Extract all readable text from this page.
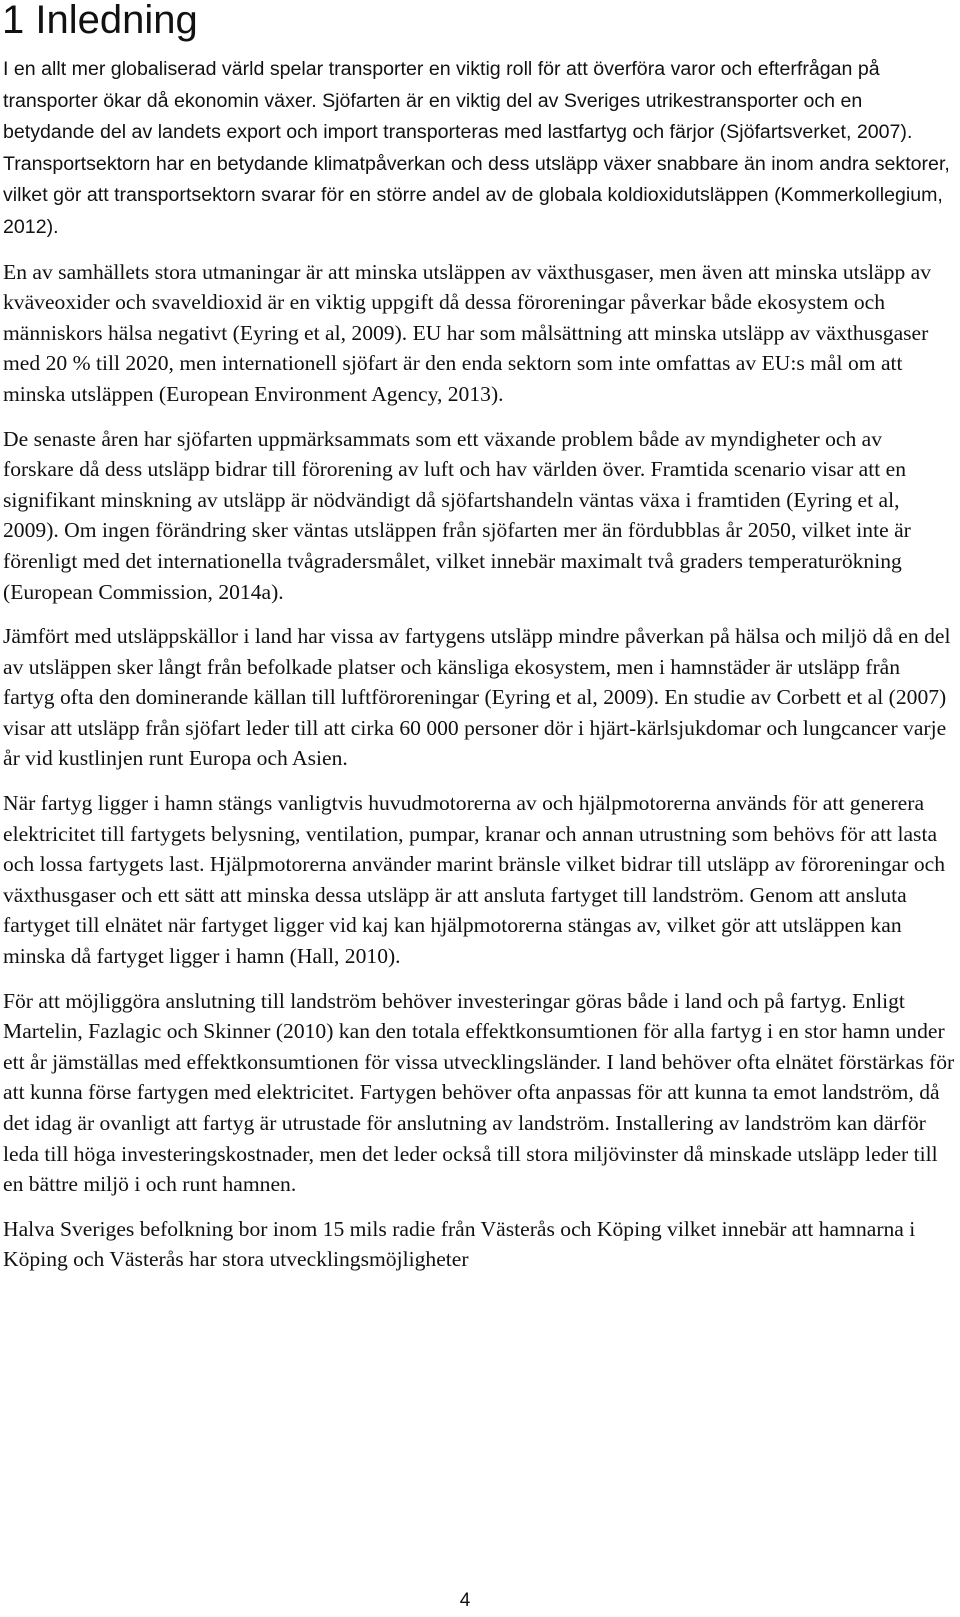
1 Inledning

I en allt mer globaliserad värld spelar transporter en viktig roll för att överföra varor och efterfrågan på transporter ökar då ekonomin växer. Sjöfarten är en viktig del av Sveriges utrikestransporter och en betydande del av landets export och import transporteras med lastfartyg och färjor (Sjöfartsverket, 2007). Transportsektorn har en betydande klimatpåverkan och dess utsläpp växer snabbare än inom andra sektorer, vilket gör att transportsektorn svarar för en större andel av de globala koldioxidutsläppen (Kommerkollegium, 2012).

En av samhällets stora utmaningar är att minska utsläppen av växthusgaser, men även att minska utsläpp av kväveoxider och svaveldioxid är en viktig uppgift då dessa föroreningar påverkar både ekosystem och människors hälsa negativt (Eyring et al, 2009). EU har som målsättning att minska utsläpp av växthusgaser med 20 % till 2020, men internationell sjöfart är den enda sektorn som inte omfattas av EU:s mål om att minska utsläppen (European Environment Agency, 2013).

De senaste åren har sjöfarten uppmärksammats som ett växande problem både av myndigheter och av forskare då dess utsläpp bidrar till förorening av luft och hav världen över. Framtida scenario visar att en signifikant minskning av utsläpp är nödvändigt då sjöfartshandeln väntas växa i framtiden (Eyring et al, 2009). Om ingen förändring sker väntas utsläppen från sjöfarten mer än fördubblas år 2050, vilket inte är förenligt med det internationella tvågradersmålet, vilket innebär maximalt två graders temperaturökning (European Commission, 2014a).

Jämfört med utsläppskällor i land har vissa av fartygens utsläpp mindre påverkan på hälsa och miljö då en del av utsläppen sker långt från befolkade platser och känsliga ekosystem, men i hamnstäder är utsläpp från fartyg ofta den dominerande källan till luftföroreningar (Eyring et al, 2009). En studie av Corbett et al (2007) visar att utsläpp från sjöfart leder till att cirka 60 000 personer dör i hjärt-kärlsjukdomar och lungcancer varje år vid kustlinjen runt Europa och Asien.

När fartyg ligger i hamn stängs vanligtvis huvudmotorerna av och hjälpmotorerna används för att generera elektricitet till fartygets belysning, ventilation, pumpar, kranar och annan utrustning som behövs för att lasta och lossa fartygets last. Hjälpmotorerna använder marint bränsle vilket bidrar till utsläpp av föroreningar och växthusgaser och ett sätt att minska dessa utsläpp är att ansluta fartyget till landström. Genom att ansluta fartyget till elnätet när fartyget ligger vid kaj kan hjälpmotorerna stängas av, vilket gör att utsläppen kan minska då fartyget ligger i hamn (Hall, 2010).

För att möjliggöra anslutning till landström behöver investeringar göras både i land och på fartyg. Enligt Martelin, Fazlagic och Skinner (2010) kan den totala effektkonsumtionen för alla fartyg i en stor hamn under ett år jämställas med effektkonsumtionen för vissa utvecklingsländer. I land behöver ofta elnätet förstärkas för att kunna förse fartygen med elektricitet. Fartygen behöver ofta anpassas för att kunna ta emot landström, då det idag är ovanligt att fartyg är utrustade för anslutning av landström. Installering av landström kan därför leda till höga investeringskostnader, men det leder också till stora miljövinster då minskade utsläpp leder till en bättre miljö i och runt hamnen.

Halva Sveriges befolkning bor inom 15 mils radie från Västerås och Köping vilket innebär att hamnarna i Köping och Västerås har stora utvecklingsmöjligheter

4
